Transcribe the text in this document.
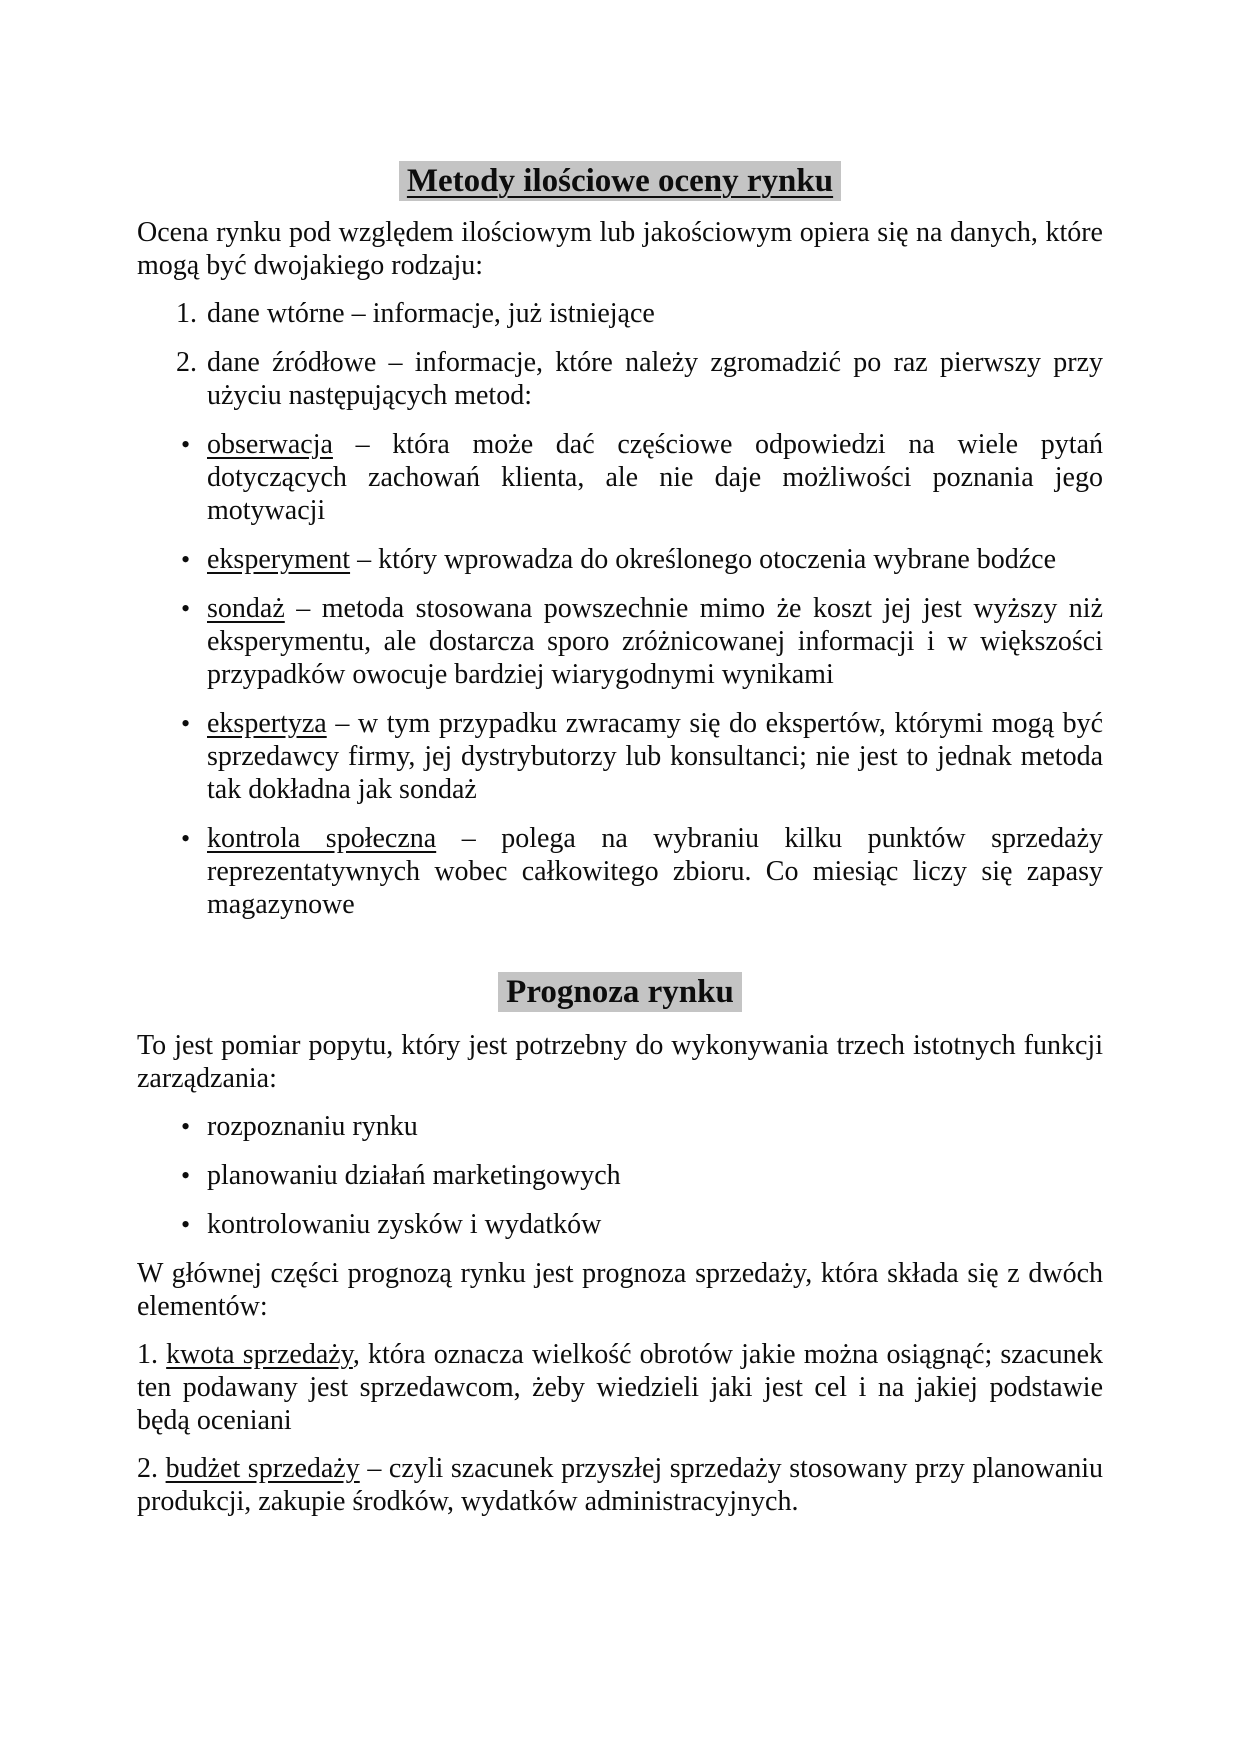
Metody ilościowe oceny rynku

Ocena rynku pod względem ilościowym lub jakościowym opiera się na danych, które mogą być dwojakiego rodzaju:

1. dane wtórne – informacje, już istniejące
2. dane źródłowe – informacje, które należy zgromadzić po raz pierwszy przy użyciu następujących metod:
• obserwacja – która może dać częściowe odpowiedzi na wiele pytań dotyczących zachowań klienta, ale nie daje możliwości poznania jego motywacji
• eksperyment – który wprowadza do określonego otoczenia wybrane bodźce
• sondaż – metoda stosowana powszechnie mimo że koszt jej jest wyższy niż eksperymentu, ale dostarcza sporo zróżnicowanej informacji i w większości przypadków owocuje bardziej wiarygodnymi wynikami
• ekspertyza – w tym przypadku zwracamy się do ekspertów, którymi mogą być sprzedawcy firmy, jej dystrybutorzy lub konsultanci; nie jest to jednak metoda tak dokładna jak sondaż
• kontrola społeczna – polega na wybraniu kilku punktów sprzedaży reprezentatywnych wobec całkowitego zbioru. Co miesiąc liczy się zapasy magazynowe
Prognoza rynku

To jest pomiar popytu, który jest potrzebny do wykonywania trzech istotnych funkcji zarządzania:

• rozpoznaniu rynku
• planowaniu działań marketingowych
• kontrolowaniu zysków i wydatków

W głównej części prognozą rynku jest prognoza sprzedaży, która składa się z dwóch elementów:

1. kwota sprzedaży, która oznacza wielkość obrotów jakie można osiągnąć; szacunek ten podawany jest sprzedawcom, żeby wiedzieli jaki jest cel i na jakiej podstawie będą oceniani

2. budżet sprzedaży – czyli szacunek przyszłej sprzedaży stosowany przy planowaniu produkcji, zakupie środków, wydatków administracyjnych.
